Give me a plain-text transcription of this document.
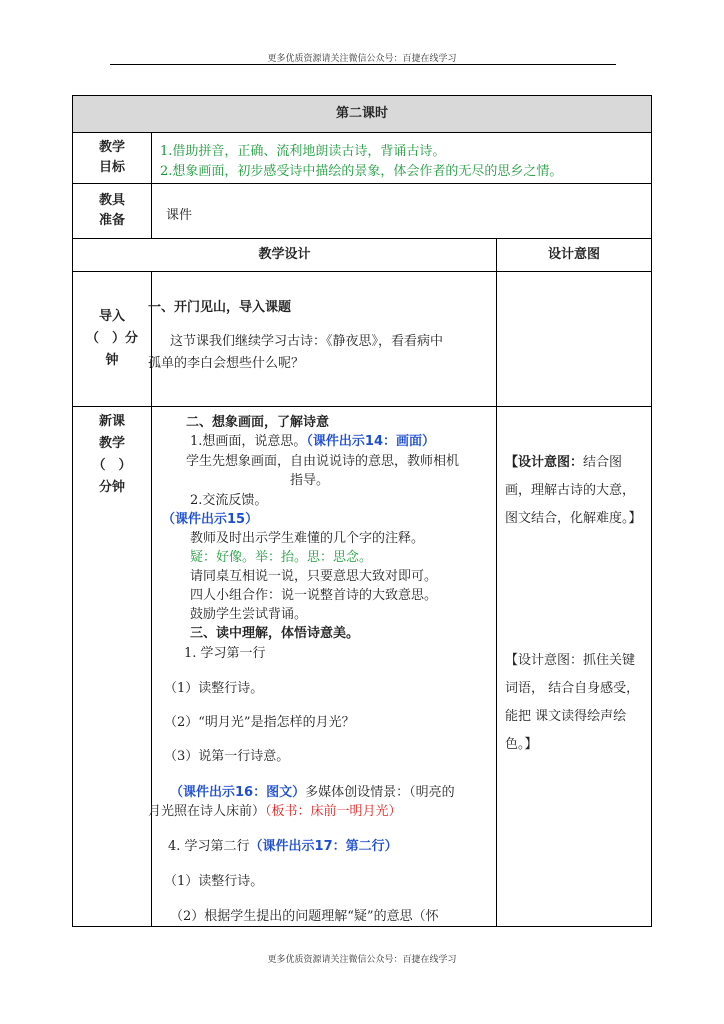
更多优质资源请关注微信公众号：百捷在线学习
第二课时
教学
目标
1.借助拼音，正确、流利地朗读古诗，背诵古诗。
2.想象画面，初步感受诗中描绘的景象，体会作者的无尽的思乡之情。
教具
准备	课件
教学设计	设计意图
导入
（　）分
钟
一、开门见山，导入课题
这节课我们继续学习古诗：《静夜思》，看看病中
孤单的李白会想些什么呢？
新课
教学
（　）
分钟
二、想象画面，了解诗意
1.想画面，说意思。（课件出示14：画面）
学生先想象画面，自由说说诗的意思，教师相机
指导。
2.交流反馈。
（课件出示15）
教师及时出示学生难懂的几个字的注释。
疑：好像。举：抬。思：思念。
请同桌互相说一说，只要意思大致对即可。
四人小组合作：说一说整首诗的大致意思。
鼓励学生尝试背诵。
三、读中理解，体悟诗意美。
1. 学习第一行
（1）读整行诗。
（2）“明月光”是指怎样的月光？
（3）说第一行诗意。
（课件出示16：图文）多媒体创设情景：（明亮的
月光照在诗人床前）（板书：床前一明月光）
4. 学习第二行（课件出示17：第二行）
（1）读整行诗。
（2）根据学生提出的问题理解“疑”的意思（怀
【设计意图：结合图画，理解古诗的大意，图文结合，化解难度。】
【设计意图：抓住关键词语， 结合自身感受，能把 课文读得绘声绘色。】
更多优质资源请关注微信公众号：百捷在线学习
